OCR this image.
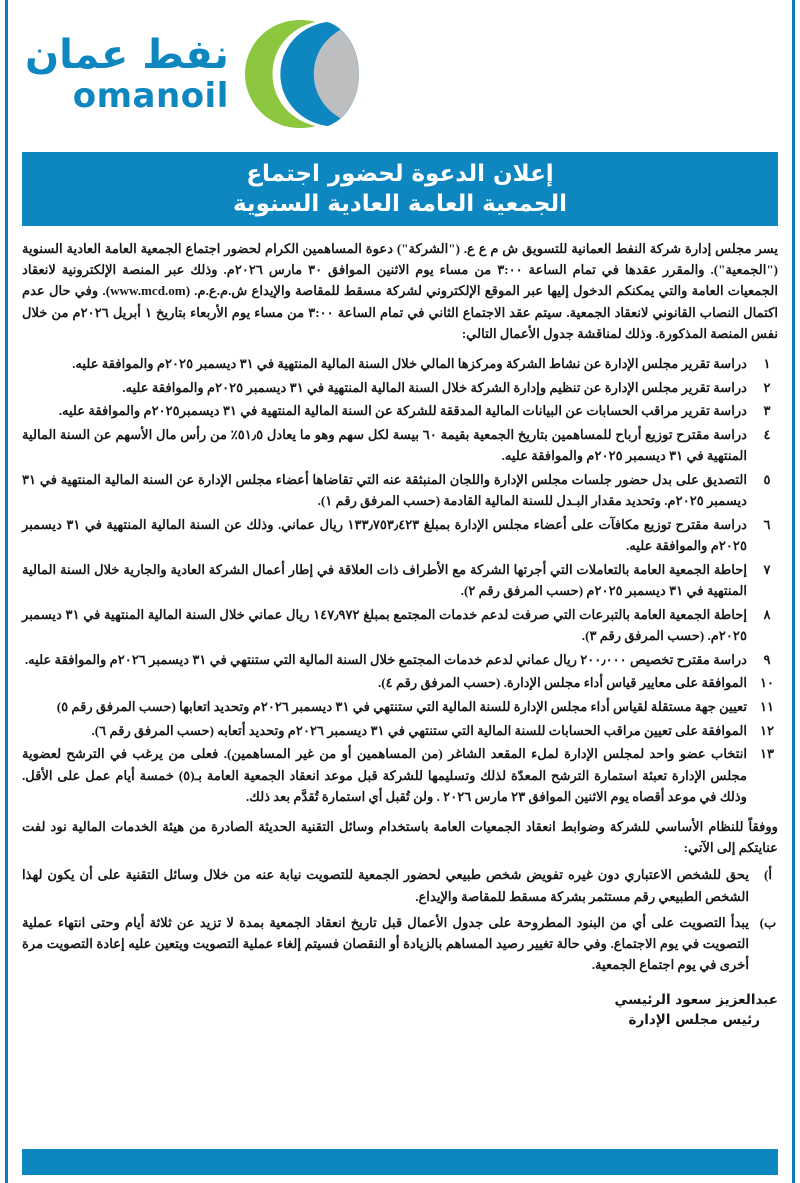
نفط عمان
omanoil
إعلان الدعوة لحضور اجتماع
الجمعية العامة العادية السنوية

يسر مجلس إدارة شركة النفط العمانية للتسويق ش م ع ع. ("الشركة") دعوة المساهمين الكرام لحضور اجتماع الجمعية العامة العادية السنوية ("الجمعية"). والمقرر عقدها في تمام الساعة ٣:٠٠ من مساء يوم الاثنين الموافق ٣٠ مارس ٢٠٢٦م. وذلك عبر المنصة الإلكترونية لانعقاد الجمعيات العامة والتي يمكنكم الدخول إليها عبر الموقع الإلكتروني لشركة مسقط للمقاصة والإيداع ش.م.ع.م. (www.mcd.om). وفي حال عدم اكتمال النصاب القانوني لانعقاد الجمعية. سيتم عقد الاجتماع الثاني في تمام الساعة ٣:٠٠ من مساء يوم الأربعاء بتاريخ ١ أبريل ٢٠٢٦م من خلال نفس المنصة المذكورة. وذلك لمناقشة جدول الأعمال التالي:

١
دراسة تقرير مجلس الإدارة عن نشاط الشركة ومركزها المالي خلال السنة المالية المنتهية في ٣١ ديسمبر ٢٠٢٥م والموافقة عليه.
٢
دراسة تقرير مجلس الإدارة عن تنظيم وإدارة الشركة خلال السنة المالية المنتهية في ٣١ ديسمبر ٢٠٢٥م والموافقة عليه.
٣
دراسة تقرير مراقب الحسابات عن البيانات المالية المدققة للشركة عن السنة المالية المنتهية في ٣١ ديسمبر٢٠٢٥م والموافقة عليه.
٤
دراسة مقترح توزيع أرباح للمساهمين بتاريخ الجمعية بقيمة ٦٠ بيسة لكل سهم وهو ما يعادل ٥١٫٥٪ من رأس مال الأسهم عن السنة المالية المنتهية في ٣١ ديسمبر ٢٠٢٥م والموافقة عليه.
٥
التصديق على بدل حضور جلسات مجلس الإدارة واللجان المنبثقة عنه التي تقاضاها أعضاء مجلس الإدارة عن السنة المالية المنتهية في ٣١ ديسمبر ٢٠٢٥م. وتحديد مقدار البـدل للسنة المالية القادمة (حسب المرفق رقم ١).
٦
دراسة مقترح توزيع مكافآت على أعضاء مجلس الإدارة بمبلغ ١٣٣٫٧٥٣٫٤٢٣ ريال عماني. وذلك عن السنة المالية المنتهية في ٣١ ديسمبر ٢٠٢٥م والموافقة عليه.
٧
إحاطة الجمعية العامة بالتعاملات التي أجرتها الشركة مع الأطراف ذات العلاقة في إطار أعمال الشركة العادية والجارية خلال السنة المالية المنتهية في ٣١ ديسمبر ٢٠٢٥م (حسب المرفق رقم ٢).
٨
إحاطة الجمعية العامة بالتبرعات التي صرفت لدعم خدمات المجتمع بمبلغ ١٤٧٫٩٧٢ ريال عماني خلال السنة المالية المنتهية في ٣١ ديسمبر ٢٠٢٥م. (حسب المرفق رقم ٣).
٩
دراسة مقترح تخصيص ٢٠٠٫٠٠٠ ريال عماني لدعم خدمات المجتمع خلال السنة المالية التي ستنتهي في ٣١ ديسمبر ٢٠٢٦م والموافقة عليه.
١٠
الموافقة على معايير قياس أداء مجلس الإدارة. (حسب المرفق رقم ٤).
١١
تعيين جهة مستقلة لقياس أداء مجلس الإدارة للسنة المالية التي ستنتهي في ٣١ ديسمبر ٢٠٢٦م وتحديد اتعابها (حسب المرفق رقم ٥)
١٢
الموافقة على تعيين مراقب الحسابات للسنة المالية التي ستنتهي في ٣١ ديسمبر ٢٠٢٦م وتحديد أتعابه (حسب المرفق رقم ٦).
١٣
انتخاب عضو واحد لمجلس الإدارة لملء المقعد الشاغر (من المساهمين أو من غير المساهمين). فعلى من يرغب في الترشح لعضوية مجلس الإدارة تعبئة استمارة الترشح المعدّة لذلك وتسليمها للشركة قبل موعد انعقاد الجمعية العامة بـ(٥) خمسة أيام عمل على الأقل. وذلك في موعد أقصاه يوم الاثنين الموافق ٢٣ مارس ٢٠٢٦ . ولن تُقبل أي استمارة تُقدَّم بعد ذلك.

ووفقاً للنظام الأساسي للشركة وضوابط انعقاد الجمعيات العامة باستخدام وسائل التقنية الحديثة الصادرة من هيئة الخدمات المالية نود لفت عنايتكم إلى الآتي:

أ)
يحق للشخص الاعتباري دون غيره تفويض شخص طبيعي لحضور الجمعية للتصويت نيابة عنه من خلال وسائل التقنية على أن يكون لهذا الشخص الطبيعي رقم مستثمر بشركة مسقط للمقاصة والإيداع.
ب)
يبدأ التصويت على أي من البنود المطروحة على جدول الأعمال قبل تاريخ انعقاد الجمعية بمدة لا تزيد عن ثلاثة أيام وحتى انتهاء عملية التصويت في يوم الاجتماع. وفي حالة تغيير رصيد المساهم بالزيادة أو النقصان فسيتم إلغاء عملية التصويت ويتعين عليه إعادة التصويت مرة أخرى في يوم اجتماع الجمعية.
عبدالعزيز سعود الرئيسي
رئيس مجلس الإدارة
